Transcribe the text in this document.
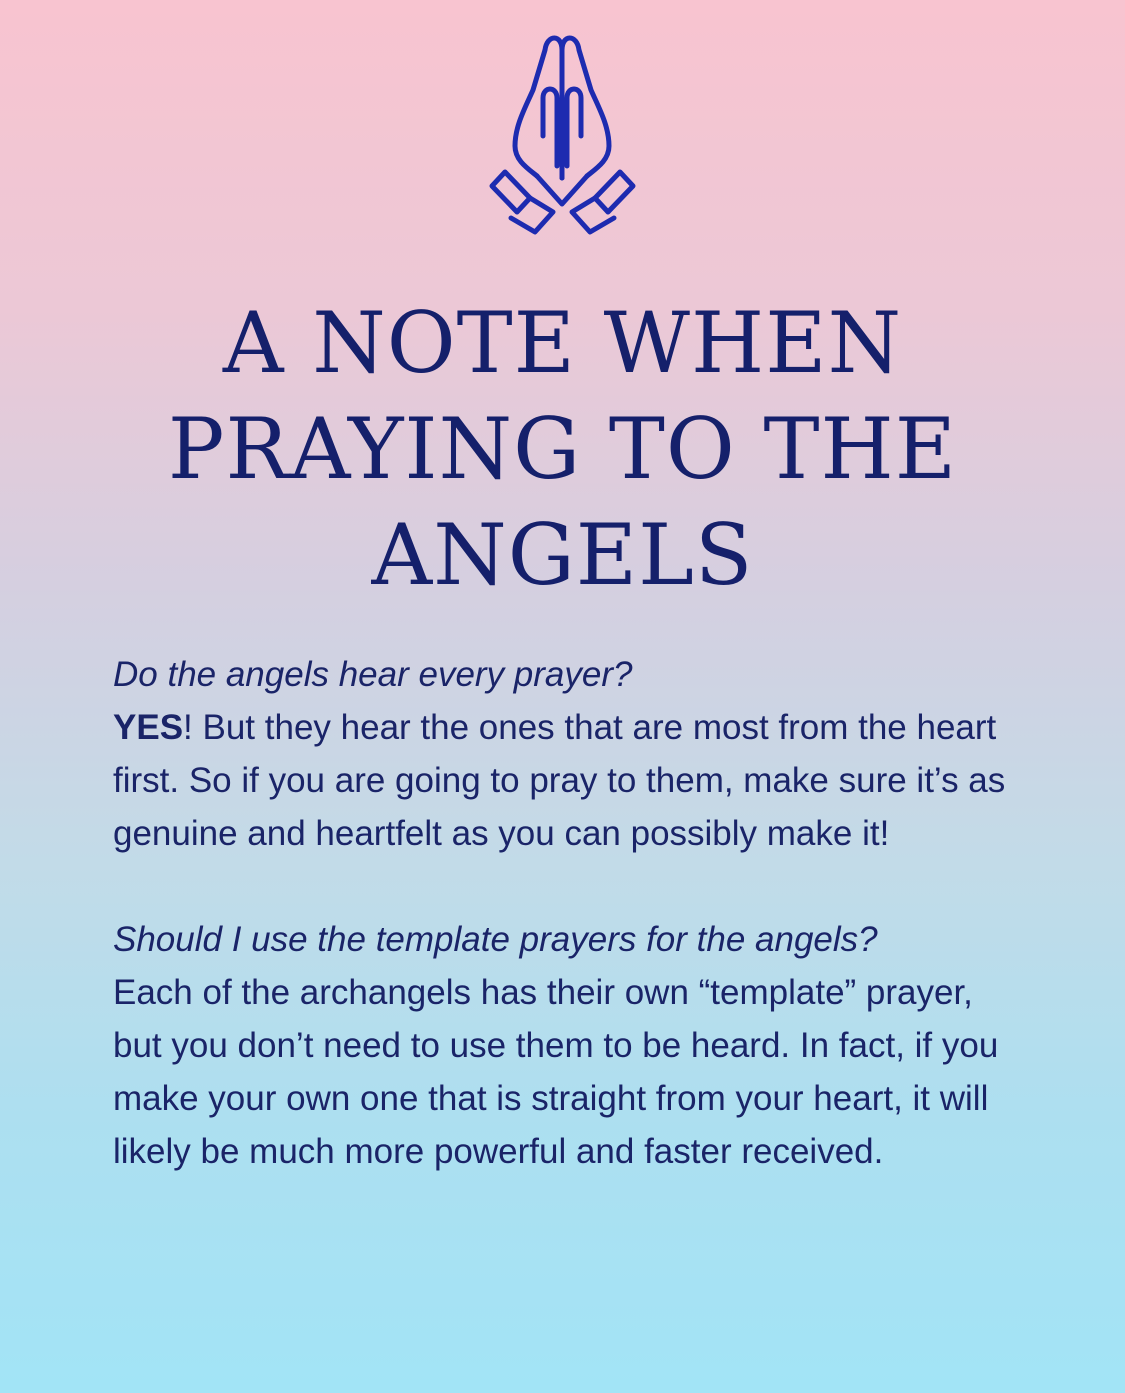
A NOTE WHEN
PRAYING TO THE
ANGELS
Do the angels hear every prayer?

YES! But they hear the ones that are most from the heart first. So if you are going to pray to them, make sure it’s as genuine and heartfelt as you can possibly make it!

Should I use the template prayers for the angels?

Each of the archangels has their own “template” prayer, but you don’t need to use them to be heard. In fact, if you make your own one that is straight from your heart, it will likely be much more powerful and faster received.
